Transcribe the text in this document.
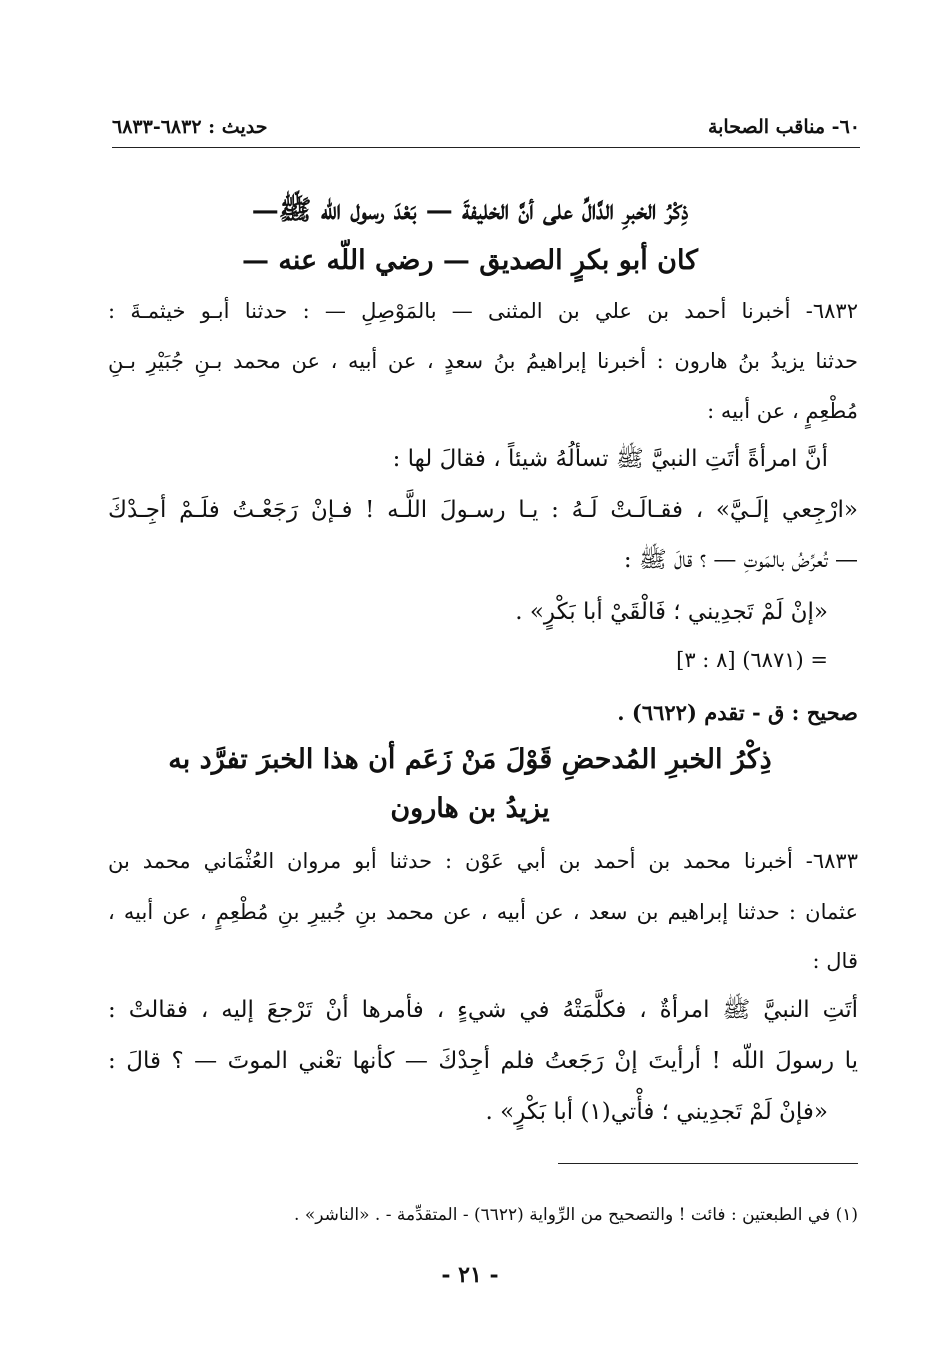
٦٠- مناقب الصحابة
حديث : ٦٨٣٢-٦٨٣٣
ذِكْرُ الخبرِ الدَّالِّ على أنَّ الخليفةَ — بَعْدَ رسول اللّه ﷺ—
كان أبو بكرٍ الصديق — رضي اللّه عنه —
٦٨٣٢- أخبرنا أحمد بن علي بن المثنى — بالمَوْصِلِ — : حدثنا أبـو خيثمـةَ :
حدثنا يزيدُ بنُ هارون : أخبرنا إبراهيمُ بنُ سعدٍ ، عن أبيه ، عن محمد بـنِ جُبَيْرِ بـنِ
مُطْعِمٍ ، عن أبيه :
أنَّ امرأةً أتَتِ النبيَّ ﷺ تسألُهُ شيئاً ، فقالَ لها :
«ارْجِعي إلَـيَّ» ، فقـالَـتْ لَـهُ : يـا رسـولَ اللَّـه ! فـإنْ رَجَعْـتُ فلَـمْ أجِـدْكَ
— تُعرِّضُ بالمَوتِ — ؟ قالَ ﷺ :
«إنْ لَمْ تَجدِيني ؛ فَالْقَيْ أبا بَكْرٍ» .
= (٦٨٧١) [٨ : ٣]
صحيح : ق - تقدم (٦٦٢٢) .
ذِكْرُ الخبرِ المُدحضِ قَوْلَ مَنْ زَعَم أن هذا الخبرَ تفرَّد به
يزيدُ بن هارون
٦٨٣٣- أخبرنا محمد بن أحمد بن أبي عَوْن : حدثنا أبو مروان العُثْمَاني محمد بن
عثمان : حدثنا إبراهيم بن سعد ، عن أبيه ، عن محمد بنِ جُبيرِ بنِ مُطْعِمٍ ، عن أبيه ،
قال :
أتَتِ النبيَّ ﷺ امرأةٌ ، فكلَّمَتْهُ في شيءٍ ، فأمرها أنْ تَرْجعَ إليه ، فقالتْ :
يا رسولَ اللّه ! أرأيتَ إنْ رَجَعتُ فلم أجِدْكَ — كأنها تعْني الموتَ — ؟ قالَ :
«فإنْ لَمْ تَجدِيني ؛ فأْتي(١) أبا بَكْرٍ» .
(١) في الطبعتين : فائت ! والتصحيح من الرِّواية (٦٦٢٢) - المتقدِّمة - . «الناشر» .
- ٢١ -
